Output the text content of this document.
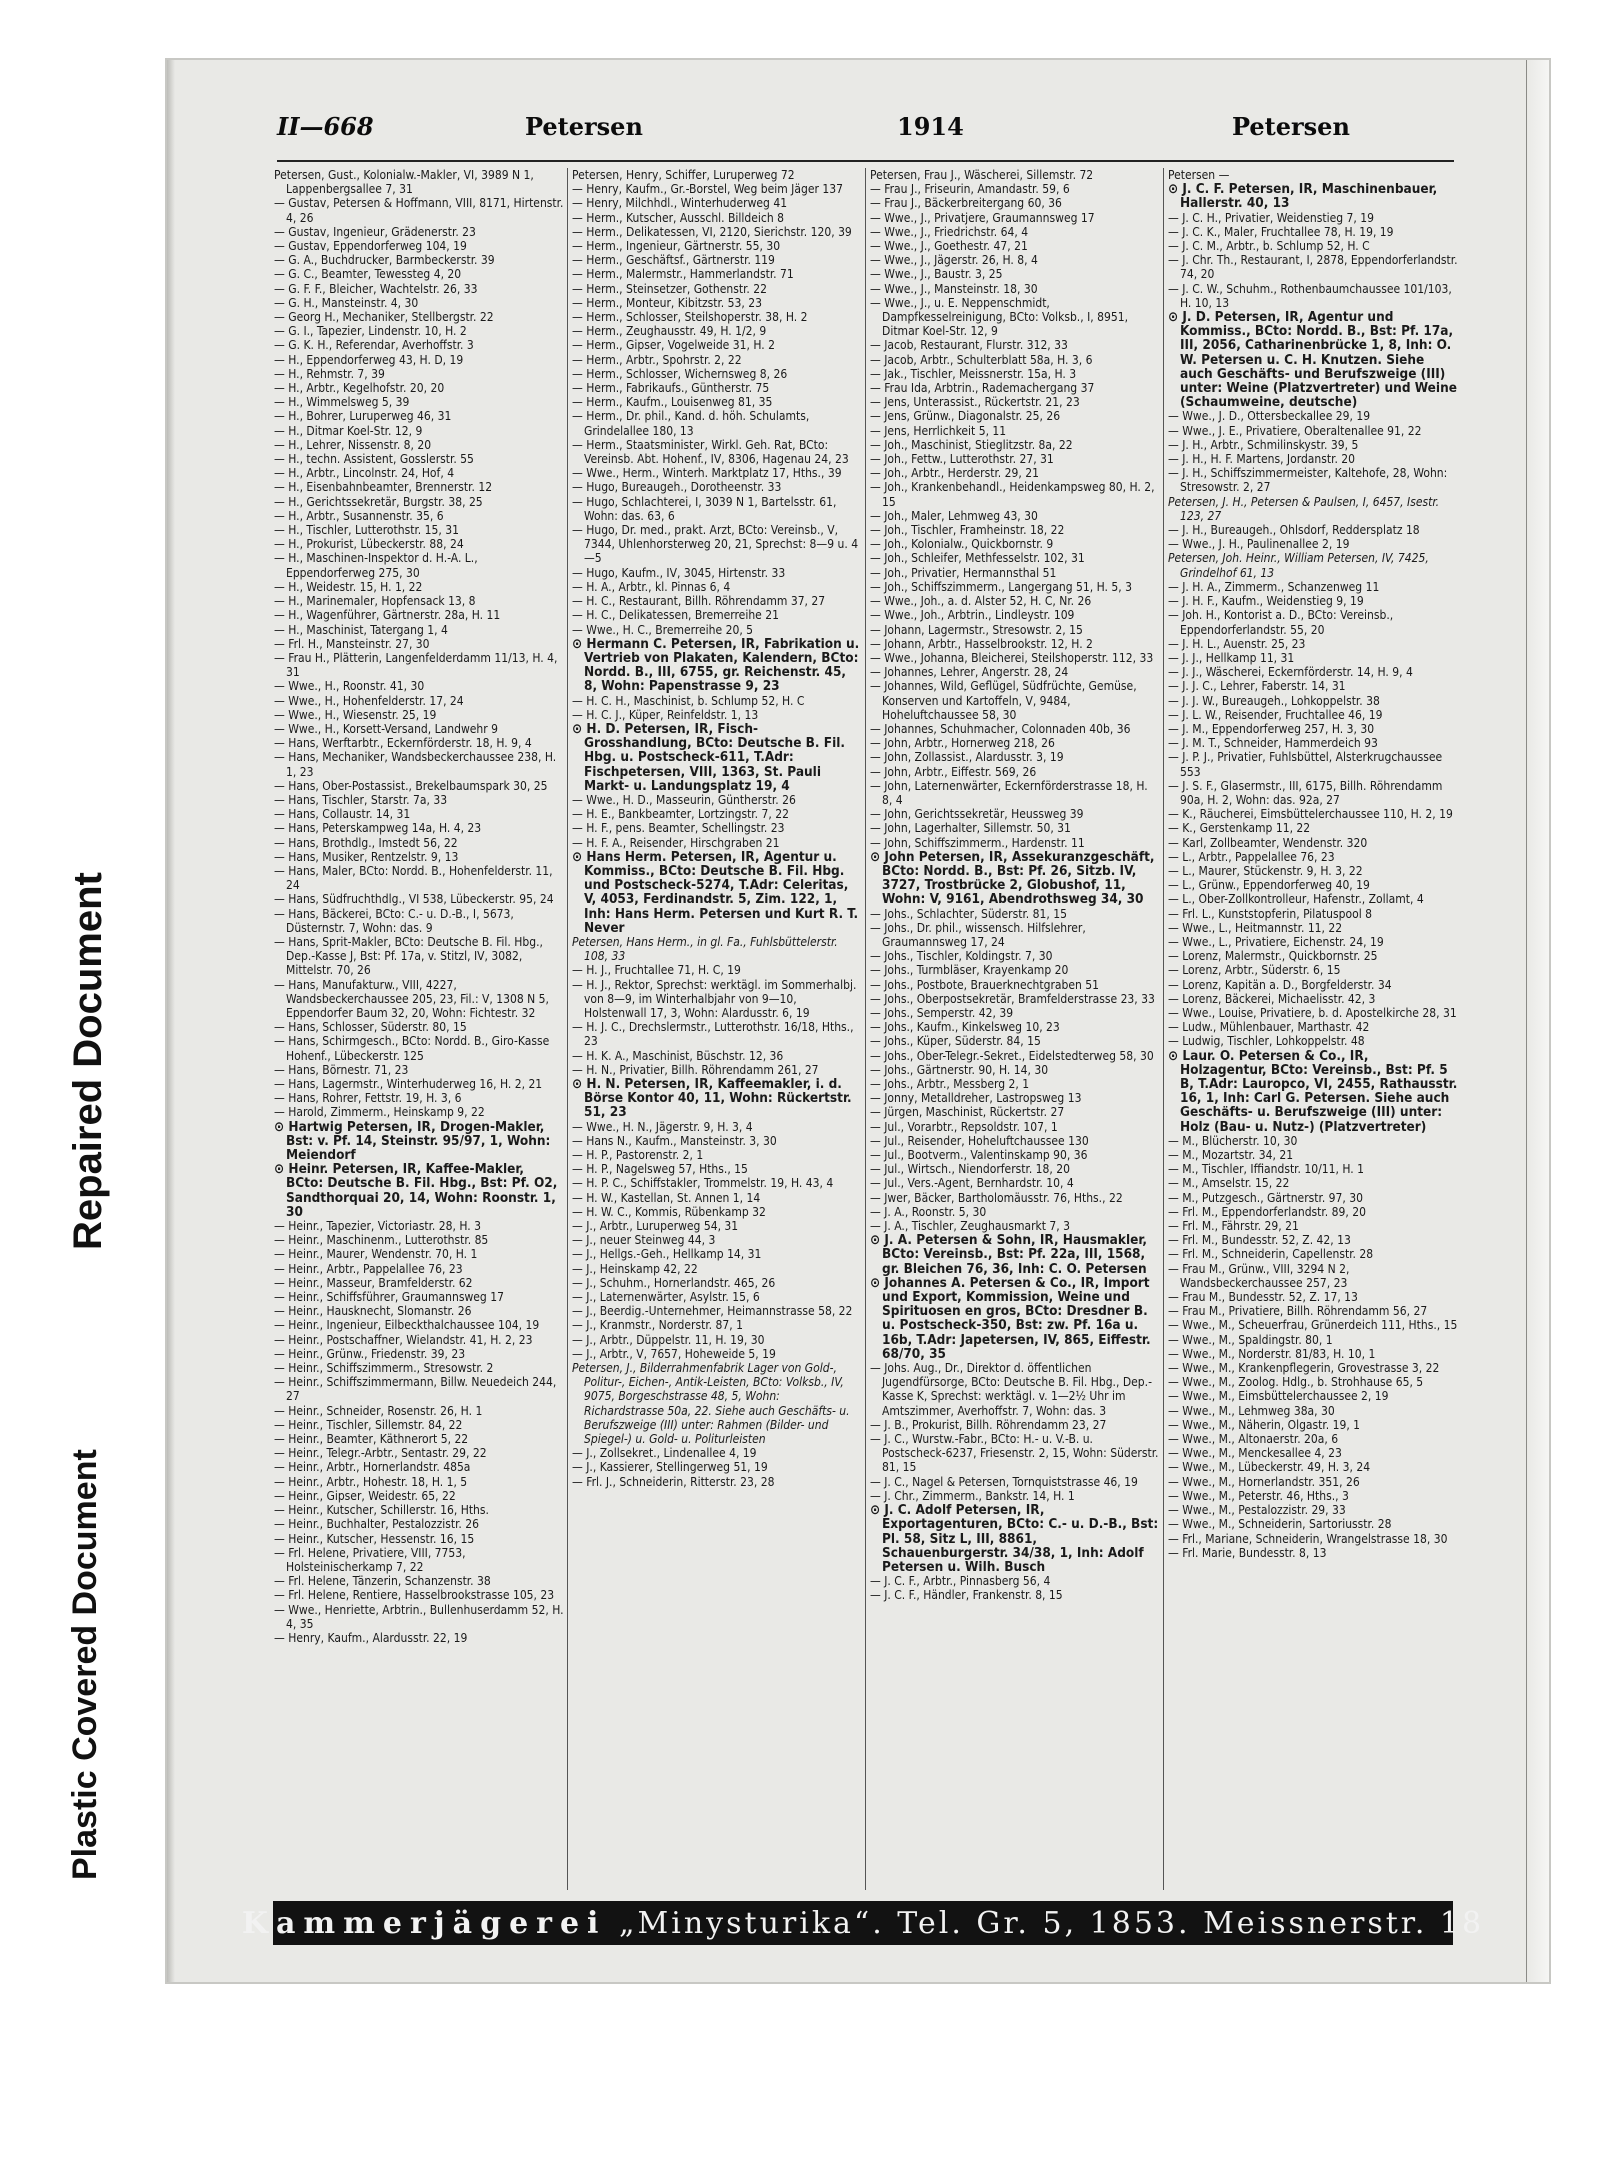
Plastic Covered Document
Repaired Document
II—668	Petersen	1914	Petersen

Petersen, Gust., Kolonialw.-Makler, VI, 3989 N 1, Lappenbergsallee 7, 31

— Gustav, Petersen & Hoffmann, VIII, 8171, Hirtenstr. 4, 26

— Gustav, Ingenieur, Grädenerstr. 23

— Gustav, Eppendorferweg 104, 19

— G. A., Buchdrucker, Barmbeckerstr. 39

— G. C., Beamter, Tewessteg 4, 20

— G. F. F., Bleicher, Wachtelstr. 26, 33

— G. H., Mansteinstr. 4, 30

— Georg H., Mechaniker, Stellbergstr. 22

— G. I., Tapezier, Lindenstr. 10, H. 2

— G. K. H., Referendar, Averhoffstr. 3

— H., Eppendorferweg 43, H. D, 19

— H., Rehmstr. 7, 39

— H., Arbtr., Kegelhofstr. 20, 20

— H., Wimmelsweg 5, 39

— H., Bohrer, Luruperweg 46, 31

— H., Ditmar Koel-Str. 12, 9

— H., Lehrer, Nissenstr. 8, 20

— H., techn. Assistent, Gosslerstr. 55

— H., Arbtr., Lincolnstr. 24, Hof, 4

— H., Eisenbahnbeamter, Brennerstr. 12

— H., Gerichtssekretär, Burgstr. 38, 25

— H., Arbtr., Susannenstr. 35, 6

— H., Tischler, Lutterothstr. 15, 31

— H., Prokurist, Lübeckerstr. 88, 24

— H., Maschinen-Inspektor d. H.-A. L., Eppendorferweg 275, 30

— H., Weidestr. 15, H. 1, 22

— H., Marinemaler, Hopfensack 13, 8

— H., Wagenführer, Gärtnerstr. 28a, H. 11

— H., Maschinist, Tatergang 1, 4

— Frl. H., Mansteinstr. 27, 30

— Frau H., Plätterin, Langenfelderdamm 11/13, H. 4, 31

— Wwe., H., Roonstr. 41, 30

— Wwe., H., Hohenfelderstr. 17, 24

— Wwe., H., Wiesenstr. 25, 19

— Wwe., H., Korsett-Versand, Landwehr 9

— Hans, Werftarbtr., Eckernförderstr. 18, H. 9, 4

— Hans, Mechaniker, Wandsbeckerchaussee 238, H. 1, 23

— Hans, Ober-Postassist., Brekelbaumspark 30, 25

— Hans, Tischler, Starstr. 7a, 33

— Hans, Collaustr. 14, 31

— Hans, Peterskampweg 14a, H. 4, 23

— Hans, Brothdlg., Imstedt 56, 22

— Hans, Musiker, Rentzelstr. 9, 13

— Hans, Maler, BCto: Nordd. B., Hohenfelderstr. 11, 24

— Hans, Südfruchthdlg., VI 538, Lübeckerstr. 95, 24

— Hans, Bäckerei, BCto: C.- u. D.-B., I, 5673, Düsternstr. 7, Wohn: das. 9

— Hans, Sprit-Makler, BCto: Deutsche B. Fil. Hbg., Dep.-Kasse J, Bst: Pf. 17a, v. Stitzl, IV, 3082, Mittelstr. 70, 26

— Hans, Manufakturw., VIII, 4227, Wandsbeckerchaussee 205, 23, Fil.: V, 1308 N 5, Eppendorfer Baum 32, 20, Wohn: Fichtestr. 32

— Hans, Schlosser, Süderstr. 80, 15

— Hans, Schirmgesch., BCto: Nordd. B., Giro-Kasse Hohenf., Lübeckerstr. 125

— Hans, Börnestr. 71, 23

— Hans, Lagermstr., Winterhuderweg 16, H. 2, 21

— Hans, Rohrer, Fettstr. 19, H. 3, 6

— Harold, Zimmerm., Heinskamp 9, 22

⊙ Hartwig Petersen, IR, Drogen-Makler, Bst: v. Pf. 14, Steinstr. 95/97, 1, Wohn: Meiendorf

⊙ Heinr. Petersen, IR, Kaffee-Makler, BCto: Deutsche B. Fil. Hbg., Bst: Pf. O2, Sandthorquai 20, 14, Wohn: Roonstr. 1, 30

— Heinr., Tapezier, Victoriastr. 28, H. 3

— Heinr., Maschinenm., Lutterothstr. 85

— Heinr., Maurer, Wendenstr. 70, H. 1

— Heinr., Arbtr., Pappelallee 76, 23

— Heinr., Masseur, Bramfelderstr. 62

— Heinr., Schiffsführer, Graumannsweg 17

— Heinr., Hausknecht, Slomanstr. 26

— Heinr., Ingenieur, Eilbeckthalchaussee 104, 19

— Heinr., Postschaffner, Wielandstr. 41, H. 2, 23

— Heinr., Grünw., Friedenstr. 39, 23

— Heinr., Schiffszimmerm., Stresowstr. 2

— Heinr., Schiffszimmermann, Billw. Neuedeich 244, 27

— Heinr., Schneider, Rosenstr. 26, H. 1

— Heinr., Tischler, Sillemstr. 84, 22

— Heinr., Beamter, Käthnerort 5, 22

— Heinr., Telegr.-Arbtr., Sentastr. 29, 22

— Heinr., Arbtr., Hornerlandstr. 485a

— Heinr., Arbtr., Hohestr. 18, H. 1, 5

— Heinr., Gipser, Weidestr. 65, 22

— Heinr., Kutscher, Schillerstr. 16, Hths.

— Heinr., Buchhalter, Pestalozzistr. 26

— Heinr., Kutscher, Hessenstr. 16, 15

— Frl. Helene, Privatiere, VIII, 7753, Holsteinischerkamp 7, 22

— Frl. Helene, Tänzerin, Schanzenstr. 38

— Frl. Helene, Rentiere, Hasselbrookstrasse 105, 23

— Wwe., Henriette, Arbtrin., Bullenhuserdamm 52, H. 4, 35

— Henry, Kaufm., Alardusstr. 22, 19

Petersen, Henry, Schiffer, Luruperweg 72

— Henry, Kaufm., Gr.-Borstel, Weg beim Jäger 137

— Henry, Milchhdl., Winterhuderweg 41

— Herm., Kutscher, Ausschl. Billdeich 8

— Herm., Delikatessen, VI, 2120, Sierichstr. 120, 39

— Herm., Ingenieur, Gärtnerstr. 55, 30

— Herm., Geschäftsf., Gärtnerstr. 119

— Herm., Malermstr., Hammerlandstr. 71

— Herm., Steinsetzer, Gothenstr. 22

— Herm., Monteur, Kibitzstr. 53, 23

— Herm., Schlosser, Steilshoperstr. 38, H. 2

— Herm., Zeughausstr. 49, H. 1/2, 9

— Herm., Gipser, Vogelweide 31, H. 2

— Herm., Arbtr., Spohrstr. 2, 22

— Herm., Schlosser, Wichernsweg 8, 26

— Herm., Fabrikaufs., Güntherstr. 75

— Herm., Kaufm., Louisenweg 81, 35

— Herm., Dr. phil., Kand. d. höh. Schulamts, Grindelallee 180, 13

— Herm., Staatsminister, Wirkl. Geh. Rat, BCto: Vereinsb. Abt. Hohenf., IV, 8306, Hagenau 24, 23

— Wwe., Herm., Winterh. Marktplatz 17, Hths., 39

— Hugo, Bureaugeh., Dorotheenstr. 33

— Hugo, Schlachterei, I, 3039 N 1, Bartelsstr. 61, Wohn: das. 63, 6

— Hugo, Dr. med., prakt. Arzt, BCto: Vereinsb., V, 7344, Uhlenhorsterweg 20, 21, Sprechst: 8—9 u. 4—5

— Hugo, Kaufm., IV, 3045, Hirtenstr. 33

— H. A., Arbtr., kl. Pinnas 6, 4

— H. C., Restaurant, Billh. Röhrendamm 37, 27

— H. C., Delikatessen, Bremerreihe 21

— Wwe., H. C., Bremerreihe 20, 5

⊙ Hermann C. Petersen, IR, Fabrikation u. Vertrieb von Plakaten, Kalendern, BCto: Nordd. B., III, 6755, gr. Reichenstr. 45, 8, Wohn: Papenstrasse 9, 23

— H. C. H., Maschinist, b. Schlump 52, H. C

— H. C. J., Küper, Reinfeldstr. 1, 13

⊙ H. D. Petersen, IR, Fisch-Grosshandlung, BCto: Deutsche B. Fil. Hbg. u. Postscheck-611, T.Adr: Fischpetersen, VIII, 1363, St. Pauli Markt- u. Landungsplatz 19, 4

— Wwe., H. D., Masseurin, Güntherstr. 26

— H. E., Bankbeamter, Lortzingstr. 7, 22

— H. F., pens. Beamter, Schellingstr. 23

— H. F. A., Reisender, Hirschgraben 21

⊙ Hans Herm. Petersen, IR, Agentur u. Kommiss., BCto: Deutsche B. Fil. Hbg. und Postscheck-5274, T.Adr: Celeritas, V, 4053, Ferdinandstr. 5, Zim. 122, 1, Inh: Hans Herm. Petersen und Kurt R. T. Never

Petersen, Hans Herm., in gl. Fa., Fuhlsbüttelerstr. 108, 33

— H. J., Fruchtallee 71, H. C, 19

— H. J., Rektor, Sprechst: werktägl. im Sommerhalbj. von 8—9, im Winterhalbjahr von 9—10, Holstenwall 17, 3, Wohn: Alardusstr. 6, 19

— H. J. C., Drechslermstr., Lutterothstr. 16/18, Hths., 23

— H. K. A., Maschinist, Büschstr. 12, 36

— H. N., Privatier, Billh. Röhrendamm 261, 27

⊙ H. N. Petersen, IR, Kaffeemakler, i. d. Börse Kontor 40, 11, Wohn: Rückertstr. 51, 23

— Wwe., H. N., Jägerstr. 9, H. 3, 4

— Hans N., Kaufm., Mansteinstr. 3, 30

— H. P., Pastorenstr. 2, 1

— H. P., Nagelsweg 57, Hths., 15

— H. P. C., Schiffstakler, Trommelstr. 19, H. 43, 4

— H. W., Kastellan, St. Annen 1, 14

— H. W. C., Kommis, Rübenkamp 32

— J., Arbtr., Luruperweg 54, 31

— J., neuer Steinweg 44, 3

— J., Hellgs.-Geh., Hellkamp 14, 31

— J., Heinskamp 42, 22

— J., Schuhm., Hornerlandstr. 465, 26

— J., Laternenwärter, Asylstr. 15, 6

— J., Beerdig.-Unternehmer, Heimannstrasse 58, 22

— J., Kranmstr., Norderstr. 87, 1

— J., Arbtr., Düppelstr. 11, H. 19, 30

— J., Arbtr., V, 7657, Hoheweide 5, 19

Petersen, J., Bilderrahmenfabrik Lager von Gold-, Politur-, Eichen-, Antik-Leisten, BCto: Volksb., IV, 9075, Borgeschstrasse 48, 5, Wohn: Richardstrasse 50a, 22. Siehe auch Geschäfts- u. Berufszweige (III) unter: Rahmen (Bilder- und Spiegel-) u. Gold- u. Politurleisten

— J., Zollsekret., Lindenallee 4, 19

— J., Kassierer, Stellingerweg 51, 19

— Frl. J., Schneiderin, Ritterstr. 23, 28

Petersen, Frau J., Wäscherei, Sillemstr. 72

— Frau J., Friseurin, Amandastr. 59, 6

— Frau J., Bäckerbreitergang 60, 36

— Wwe., J., Privatjere, Graumannsweg 17

— Wwe., J., Friedrichstr. 64, 4

— Wwe., J., Goethestr. 47, 21

— Wwe., J., Jägerstr. 26, H. 8, 4

— Wwe., J., Baustr. 3, 25

— Wwe., J., Mansteinstr. 18, 30

— Wwe., J., u. E. Neppenschmidt, Dampfkesselreinigung, BCto: Volksb., I, 8951, Ditmar Koel-Str. 12, 9

— Jacob, Restaurant, Flurstr. 312, 33

— Jacob, Arbtr., Schulterblatt 58a, H. 3, 6

— Jak., Tischler, Meissnerstr. 15a, H. 3

— Frau Ida, Arbtrin., Rademachergang 37

— Jens, Unterassist., Rückertstr. 21, 23

— Jens, Grünw., Diagonalstr. 25, 26

— Jens, Herrlichkeit 5, 11

— Joh., Maschinist, Stieglitzstr. 8a, 22

— Joh., Fettw., Lutterothstr. 27, 31

— Joh., Arbtr., Herderstr. 29, 21

— Joh., Krankenbehandl., Heidenkampsweg 80, H. 2, 15

— Joh., Maler, Lehmweg 43, 30

— Joh., Tischler, Framheinstr. 18, 22

— Joh., Kolonialw., Quickbornstr. 9

— Joh., Schleifer, Methfesselstr. 102, 31

— Joh., Privatier, Hermannsthal 51

— Joh., Schiffszimmerm., Langergang 51, H. 5, 3

— Wwe., Joh., a. d. Alster 52, H. C, Nr. 26

— Wwe., Joh., Arbtrin., Lindleystr. 109

— Johann, Lagermstr., Stresowstr. 2, 15

— Johann, Arbtr., Hasselbrookstr. 12, H. 2

— Wwe., Johanna, Bleicherei, Steilshoperstr. 112, 33

— Johannes, Lehrer, Angerstr. 28, 24

— Johannes, Wild, Geflügel, Südfrüchte, Gemüse, Konserven und Kartoffeln, V, 9484, Hoheluftchaussee 58, 30

— Johannes, Schuhmacher, Colonnaden 40b, 36

— John, Arbtr., Hornerweg 218, 26

— John, Zollassist., Alardusstr. 3, 19

— John, Arbtr., Eiffestr. 569, 26

— John, Laternenwärter, Eckernförderstrasse 18, H. 8, 4

— John, Gerichtssekretär, Heussweg 39

— John, Lagerhalter, Sillemstr. 50, 31

— John, Schiffszimmerm., Hardenstr. 11

⊙ John Petersen, IR, Assekuranzgeschäft, BCto: Nordd. B., Bst: Pf. 26, Sitzb. IV, 3727, Trostbrücke 2, Globushof, 11, Wohn: V, 9161, Abendrothsweg 34, 30

— Johs., Schlachter, Süderstr. 81, 15

— Johs., Dr. phil., wissensch. Hilfslehrer, Graumannsweg 17, 24

— Johs., Tischler, Koldingstr. 7, 30

— Johs., Turmbläser, Krayenkamp 20

— Johs., Postbote, Brauerknechtgraben 51

— Johs., Oberpostsekretär, Bramfelderstrasse 23, 33

— Johs., Semperstr. 42, 39

— Johs., Kaufm., Kinkelsweg 10, 23

— Johs., Küper, Süderstr. 84, 15

— Johs., Ober-Telegr.-Sekret., Eidelstedterweg 58, 30

— Johs., Gärtnerstr. 90, H. 14, 30

— Johs., Arbtr., Messberg 2, 1

— Jonny, Metalldreher, Lastropsweg 13

— Jürgen, Maschinist, Rückertstr. 27

— Jul., Vorarbtr., Repsoldstr. 107, 1

— Jul., Reisender, Hoheluftchaussee 130

— Jul., Bootverm., Valentinskamp 90, 36

— Jul., Wirtsch., Niendorferstr. 18, 20

— Jul., Vers.-Agent, Bernhardstr. 10, 4

— Jwer, Bäcker, Bartholomäusstr. 76, Hths., 22

— J. A., Roonstr. 5, 30

— J. A., Tischler, Zeughausmarkt 7, 3

⊙ J. A. Petersen & Sohn, IR, Hausmakler, BCto: Vereinsb., Bst: Pf. 22a, III, 1568, gr. Bleichen 76, 36, Inh: C. O. Petersen

⊙ Johannes A. Petersen & Co., IR, Import und Export, Kommission, Weine und Spirituosen en gros, BCto: Dresdner B. u. Postscheck-350, Bst: zw. Pf. 16a u. 16b, T.Adr: Japetersen, IV, 865, Eiffestr. 68/70, 35

— Johs. Aug., Dr., Direktor d. öffentlichen Jugendfürsorge, BCto: Deutsche B. Fil. Hbg., Dep.-Kasse K, Sprechst: werktägl. v. 1—2½ Uhr im Amtszimmer, Averhoffstr. 7, Wohn: das. 3

— J. B., Prokurist, Billh. Röhrendamm 23, 27

— J. C., Wurstw.-Fabr., BCto: H.- u. V.-B. u. Postscheck-6237, Friesenstr. 2, 15, Wohn: Süderstr. 81, 15

— J. C., Nagel & Petersen, Tornquiststrasse 46, 19

— J. Chr., Zimmerm., Bankstr. 14, H. 1

⊙ J. C. Adolf Petersen, IR, Exportagenturen, BCto: C.- u. D.-B., Bst: Pl. 58, Sitz L, III, 8861, Schauenburgerstr. 34/38, 1, Inh: Adolf Petersen u. Wilh. Busch

— J. C. F., Arbtr., Pinnasberg 56, 4

— J. C. F., Händler, Frankenstr. 8, 15

Petersen —

⊙ J. C. F. Petersen, IR, Maschinenbauer, Hallerstr. 40, 13

— J. C. H., Privatier, Weidenstieg 7, 19

— J. C. K., Maler, Fruchtallee 78, H. 19, 19

— J. C. M., Arbtr., b. Schlump 52, H. C

— J. Chr. Th., Restaurant, I, 2878, Eppendorferlandstr. 74, 20

— J. C. W., Schuhm., Rothenbaumchaussee 101/103, H. 10, 13

⊙ J. D. Petersen, IR, Agentur und Kommiss., BCto: Nordd. B., Bst: Pf. 17a, III, 2056, Catharinenbrücke 1, 8, Inh: O. W. Petersen u. C. H. Knutzen. Siehe auch Geschäfts- und Berufszweige (III) unter: Weine (Platzvertreter) und Weine (Schaumweine, deutsche)

— Wwe., J. D., Ottersbeckallee 29, 19

— Wwe., J. E., Privatiere, Oberaltenallee 91, 22

— J. H., Arbtr., Schmilinskystr. 39, 5

— J. H., H. F. Martens, Jordanstr. 20

— J. H., Schiffszimmermeister, Kaltehofe, 28, Wohn: Stresowstr. 2, 27

Petersen, J. H., Petersen & Paulsen, I, 6457, Isestr. 123, 27

— J. H., Bureaugeh., Ohlsdorf, Reddersplatz 18

— Wwe., J. H., Paulinenallee 2, 19

Petersen, Joh. Heinr., William Petersen, IV, 7425, Grindelhof 61, 13

— J. H. A., Zimmerm., Schanzenweg 11

— J. H. F., Kaufm., Weidenstieg 9, 19

— Joh. H., Kontorist a. D., BCto: Vereinsb., Eppendorferlandstr. 55, 20

— J. H. L., Auenstr. 25, 23

— J. J., Hellkamp 11, 31

— J. J., Wäscherei, Eckernförderstr. 14, H. 9, 4

— J. J. C., Lehrer, Faberstr. 14, 31

— J. J. W., Bureaugeh., Lohkoppelstr. 38

— J. L. W., Reisender, Fruchtallee 46, 19

— J. M., Eppendorferweg 257, H. 3, 30

— J. M. T., Schneider, Hammerdeich 93

— J. P. J., Privatier, Fuhlsbüttel, Alsterkrugchaussee 553

— J. S. F., Glasermstr., III, 6175, Billh. Röhrendamm 90a, H. 2, Wohn: das. 92a, 27

— K., Räucherei, Eimsbüttelerchaussee 110, H. 2, 19

— K., Gerstenkamp 11, 22

— Karl, Zollbeamter, Wendenstr. 320

— L., Arbtr., Pappelallee 76, 23

— L., Maurer, Stückenstr. 9, H. 3, 22

— L., Grünw., Eppendorferweg 40, 19

— L., Ober-Zollkontrolleur, Hafenstr., Zollamt, 4

— Frl. L., Kunststopferin, Pilatuspool 8

— Wwe., L., Heitmannstr. 11, 22

— Wwe., L., Privatiere, Eichenstr. 24, 19

— Lorenz, Malermstr., Quickbornstr. 25

— Lorenz, Arbtr., Süderstr. 6, 15

— Lorenz, Kapitän a. D., Borgfelderstr. 34

— Lorenz, Bäckerei, Michaelisstr. 42, 3

— Wwe., Louise, Privatiere, b. d. Apostelkirche 28, 31

— Ludw., Mühlenbauer, Marthastr. 42

— Ludwig, Tischler, Lohkoppelstr. 48

⊙ Laur. O. Petersen & Co., IR, Holzagentur, BCto: Vereinsb., Bst: Pf. 5 B, T.Adr: Lauropco, VI, 2455, Rathausstr. 16, 1, Inh: Carl G. Petersen. Siehe auch Geschäfts- u. Berufszweige (III) unter: Holz (Bau- u. Nutz-) (Platzvertreter)

— M., Blücherstr. 10, 30

— M., Mozartstr. 34, 21

— M., Tischler, Iffiandstr. 10/11, H. 1

— M., Amselstr. 15, 22

— M., Putzgesch., Gärtnerstr. 97, 30

— Frl. M., Eppendorferlandstr. 89, 20

— Frl. M., Fährstr. 29, 21

— Frl. M., Bundesstr. 52, Z. 42, 13

— Frl. M., Schneiderin, Capellenstr. 28

— Frau M., Grünw., VIII, 3294 N 2, Wandsbeckerchaussee 257, 23

— Frau M., Bundesstr. 52, Z. 17, 13

— Frau M., Privatiere, Billh. Röhrendamm 56, 27

— Wwe., M., Scheuerfrau, Grünerdeich 111, Hths., 15

— Wwe., M., Spaldingstr. 80, 1

— Wwe., M., Norderstr. 81/83, H. 10, 1

— Wwe., M., Krankenpflegerin, Grovestrasse 3, 22

— Wwe., M., Zoolog. Hdlg., b. Strohhause 65, 5

— Wwe., M., Eimsbüttelerchaussee 2, 19

— Wwe., M., Lehmweg 38a, 30

— Wwe., M., Näherin, Olgastr. 19, 1

— Wwe., M., Altonaerstr. 20a, 6

— Wwe., M., Menckesallee 4, 23

— Wwe., M., Lübeckerstr. 49, H. 3, 24

— Wwe., M., Hornerlandstr. 351, 26

— Wwe., M., Peterstr. 46, Hths., 3

— Wwe., M., Pestalozzistr. 29, 33

— Wwe., M., Schneiderin, Sartoriusstr. 28

— Frl., Mariane, Schneiderin, Wrangelstrasse 18, 30

— Frl. Marie, Bundesstr. 8, 13

Kammerjägerei
„Minysturika“. Tel. Gr. 5, 1853. Meissnerstr. 18
